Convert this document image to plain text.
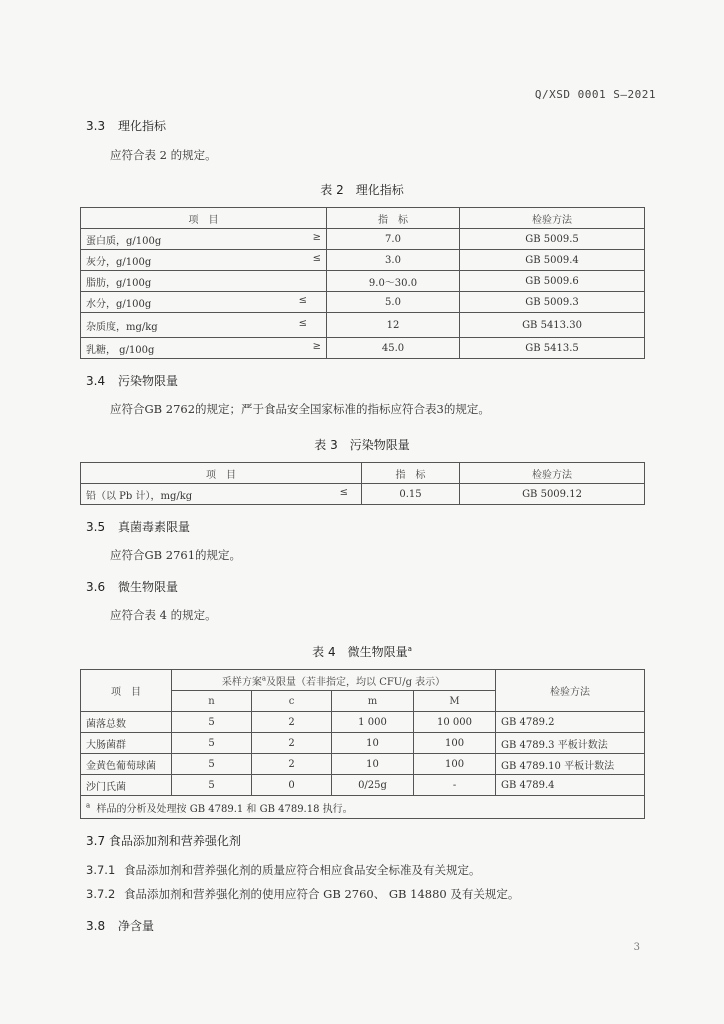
Q/XSD 0001 S—2021
3.3 理化指标
应符合表 2 的规定。
表 2　理化指标
项　目	指　标	检验方法
蛋白质，g/100g ≥	7.0	GB 5009.5
灰分，g/100g ≤	3.0	GB 5009.4
脂肪，g/100g	9.0～30.0	GB 5009.6
水分，g/100g ≤	5.0	GB 5009.3
杂质度，mg/kg ≤	12	GB 5413.30
乳糖， g/100g ≥	45.0	GB 5413.5
3.4 污染物限量
应符合GB 2762的规定；严于食品安全国家标准的指标应符合表3的规定。
表 3　污染物限量
项　目	指　标	检验方法
铅（以 Pb 计），mg/kg ≤	0.15	GB 5009.12
3.5 真菌毒素限量
应符合GB 2761的规定。
3.6 微生物限量
应符合表 4 的规定。
表 4　微生物限量$^a$
项　目	采样方案$^a$及限量（若非指定，均以 CFU/g 表示）				检验方法
	n	c	m	M	
菌落总数	5	2	1 000	10 000	GB 4789.2
大肠菌群	5	2	10	100	GB 4789.3 平板计数法
金黄色葡萄球菌	5	2	10	100	GB 4789.10 平板计数法
沙门氏菌	5	0	0/25g	-	GB 4789.4
$^a$ 样品的分析及处理按 GB 4789.1 和 GB 4789.18 执行。					
3.7 食品添加剂和营养强化剂
3.7.1 食品添加剂和营养强化剂的质量应符合相应食品安全标准及有关规定。
3.7.2 食品添加剂和营养强化剂的使用应符合 GB 2760、 GB 14880 及有关规定。
3.8 净含量
3
